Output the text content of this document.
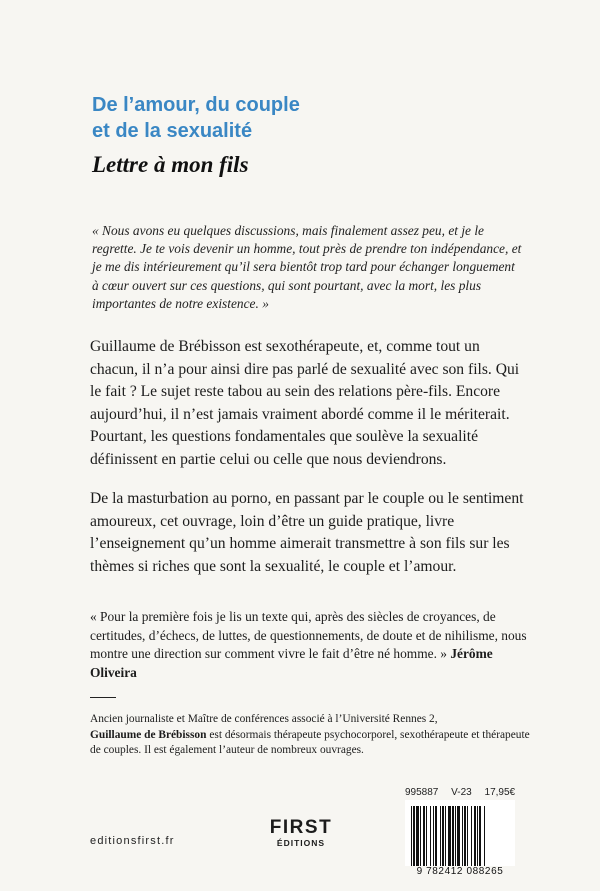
De l’amour, du couple
et de la sexualité
Lettre à mon fils

« Nous avons eu quelques discussions, mais finalement assez peu, et je le regrette. Je te vois devenir un homme, tout près de prendre ton indépendance, et je me dis intérieurement qu’il sera bientôt trop tard pour échanger longuement à cœur ouvert sur ces questions, qui sont pourtant, avec la mort, les plus importantes de notre existence. »

Guillaume de Brébisson est sexothérapeute, et, comme tout un chacun, il n’a pour ainsi dire pas parlé de sexualité avec son fils. Qui le fait ? Le sujet reste tabou au sein des relations père-fils. Encore aujourd’hui, il n’est jamais vraiment abordé comme il le mériterait. Pourtant, les questions fondamentales que soulève la sexualité définissent en partie celui ou celle que nous deviendrons.

De la masturbation au porno, en passant par le couple ou le sentiment amoureux, cet ouvrage, loin d’être un guide pratique, livre l’enseignement qu’un homme aimerait transmettre à son fils sur les thèmes si riches que sont la sexualité, le couple et l’amour.

« Pour la première fois je lis un texte qui, après des siècles de croyances, de certitudes, d’échecs, de luttes, de questionnements, de doute et de nihilisme, nous montre une direction sur comment vivre le fait d’être né homme. » Jérôme Oliveira

Ancien journaliste et Maître de conférences associé à l’Université Rennes 2,
Guillaume de Brébisson est désormais thérapeute psychocorporel, sexothérapeute et thérapeute de couples. Il est également l’auteur de nombreux ouvrages.

editionsfirst.fr
FIRST
ÉDITIONS
995887 V-23 17,95€
9 782412 088265
